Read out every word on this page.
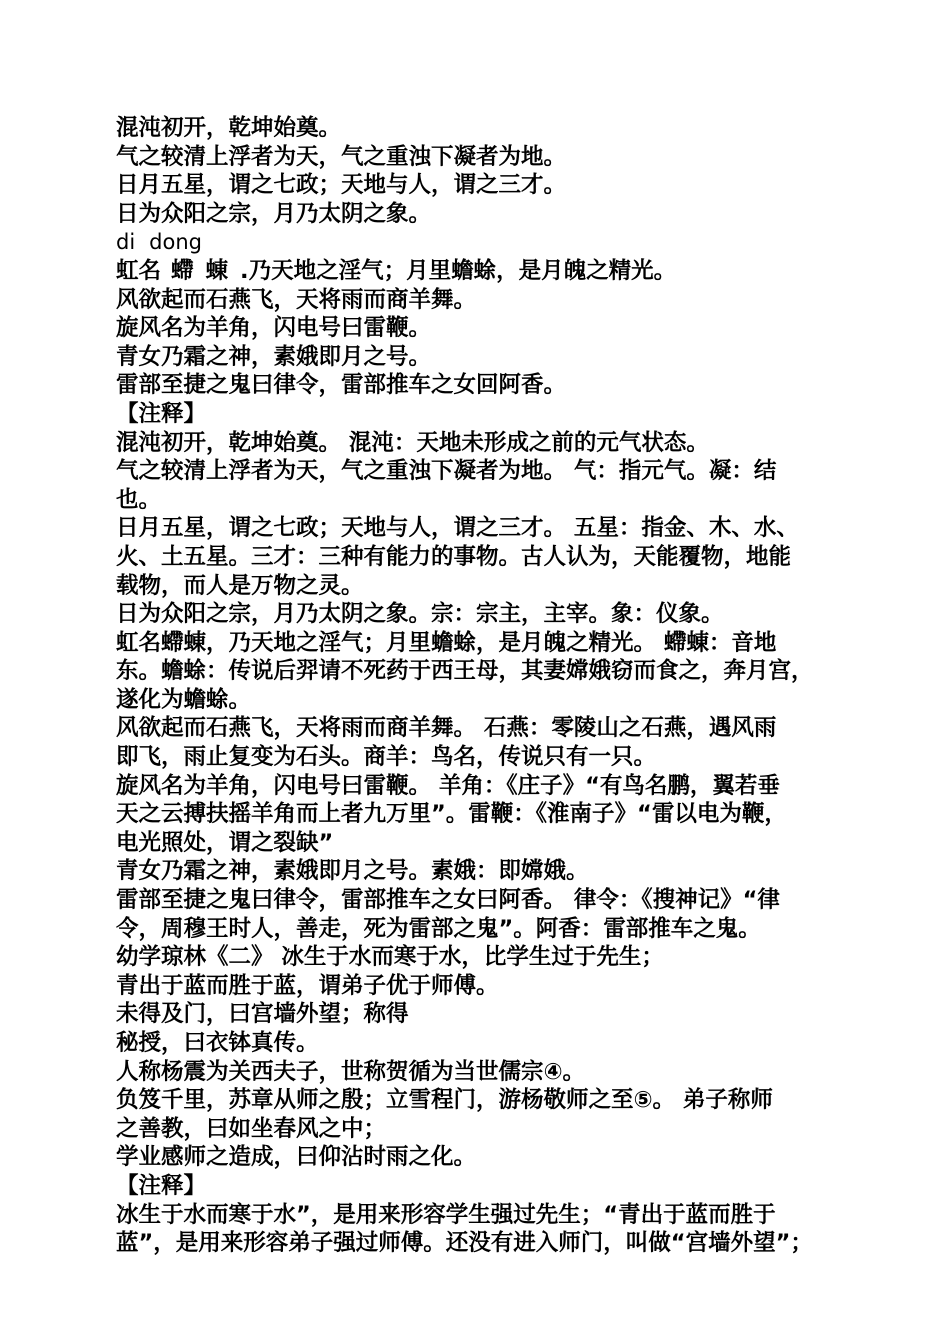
混沌初开，乾坤始奠。
气之较清上浮者为天，气之重浊下凝者为地。
日月五星，谓之七政；天地与人，谓之三才。
日为众阳之宗，月乃太阴之象。
di dong
虹名 螮 蝀 .乃天地之淫气；月里蟾蜍，是月魄之精光。
风欲起而石燕飞，天将雨而商羊舞。
旋风名为羊角，闪电号曰雷鞭。
青女乃霜之神，素娥即月之号。
雷部至捷之鬼曰律令，雷部推车之女回阿香。
【注释】
混沌初开，乾坤始奠。 混沌：天地未形成之前的元气状态。
气之较清上浮者为天，气之重浊下凝者为地。 气：指元气。凝：结
也。
日月五星，谓之七政；天地与人，谓之三才。 五星：指金、木、水、
火、土五星。三才：三种有能力的事物。古人认为，天能覆物，地能
载物，而人是万物之灵。
日为众阳之宗，月乃太阴之象。宗：宗主，主宰。象：仪象。
虹名螮蝀，乃天地之淫气；月里蟾蜍，是月魄之精光。 螮蝀：音地
东。蟾蜍：传说后羿请不死药于西王母，其妻嫦娥窃而食之，奔月宫，
遂化为蟾蜍。
风欲起而石燕飞，天将雨而商羊舞。 石燕：零陵山之石燕，遇风雨
即飞，雨止复变为石头。商羊：鸟名，传说只有一只。
旋风名为羊角，闪电号曰雷鞭。 羊角：《庄子》“有鸟名鹏，翼若垂
天之云搏扶摇羊角而上者九万里”。雷鞭：《淮南子》“雷以电为鞭，
电光照处，谓之裂缺”
青女乃霜之神，素娥即月之号。素娥：即嫦娥。
雷部至捷之鬼曰律令，雷部推车之女曰阿香。 律令：《搜神记》“律
令，周穆王时人，善走，死为雷部之鬼”。阿香：雷部推车之鬼。
幼学琼林《二》 冰生于水而寒于水，比学生过于先生；
青出于蓝而胜于蓝，谓弟子优于师傅。
未得及门，曰宫墙外望；称得
秘授，曰衣钵真传。
人称杨震为关西夫子，世称贺循为当世儒宗④。
负笈千里，苏章从师之殷；立雪程门，游杨敬师之至⑤。 弟子称师
之善教，曰如坐春风之中；
学业感师之造成，曰仰沾时雨之化。
【注释】
冰生于水而寒于水”，是用来形容学生强过先生；“青出于蓝而胜于
蓝”，是用来形容弟子强过师傅。还没有进入师门，叫做“宫墙外望”；
